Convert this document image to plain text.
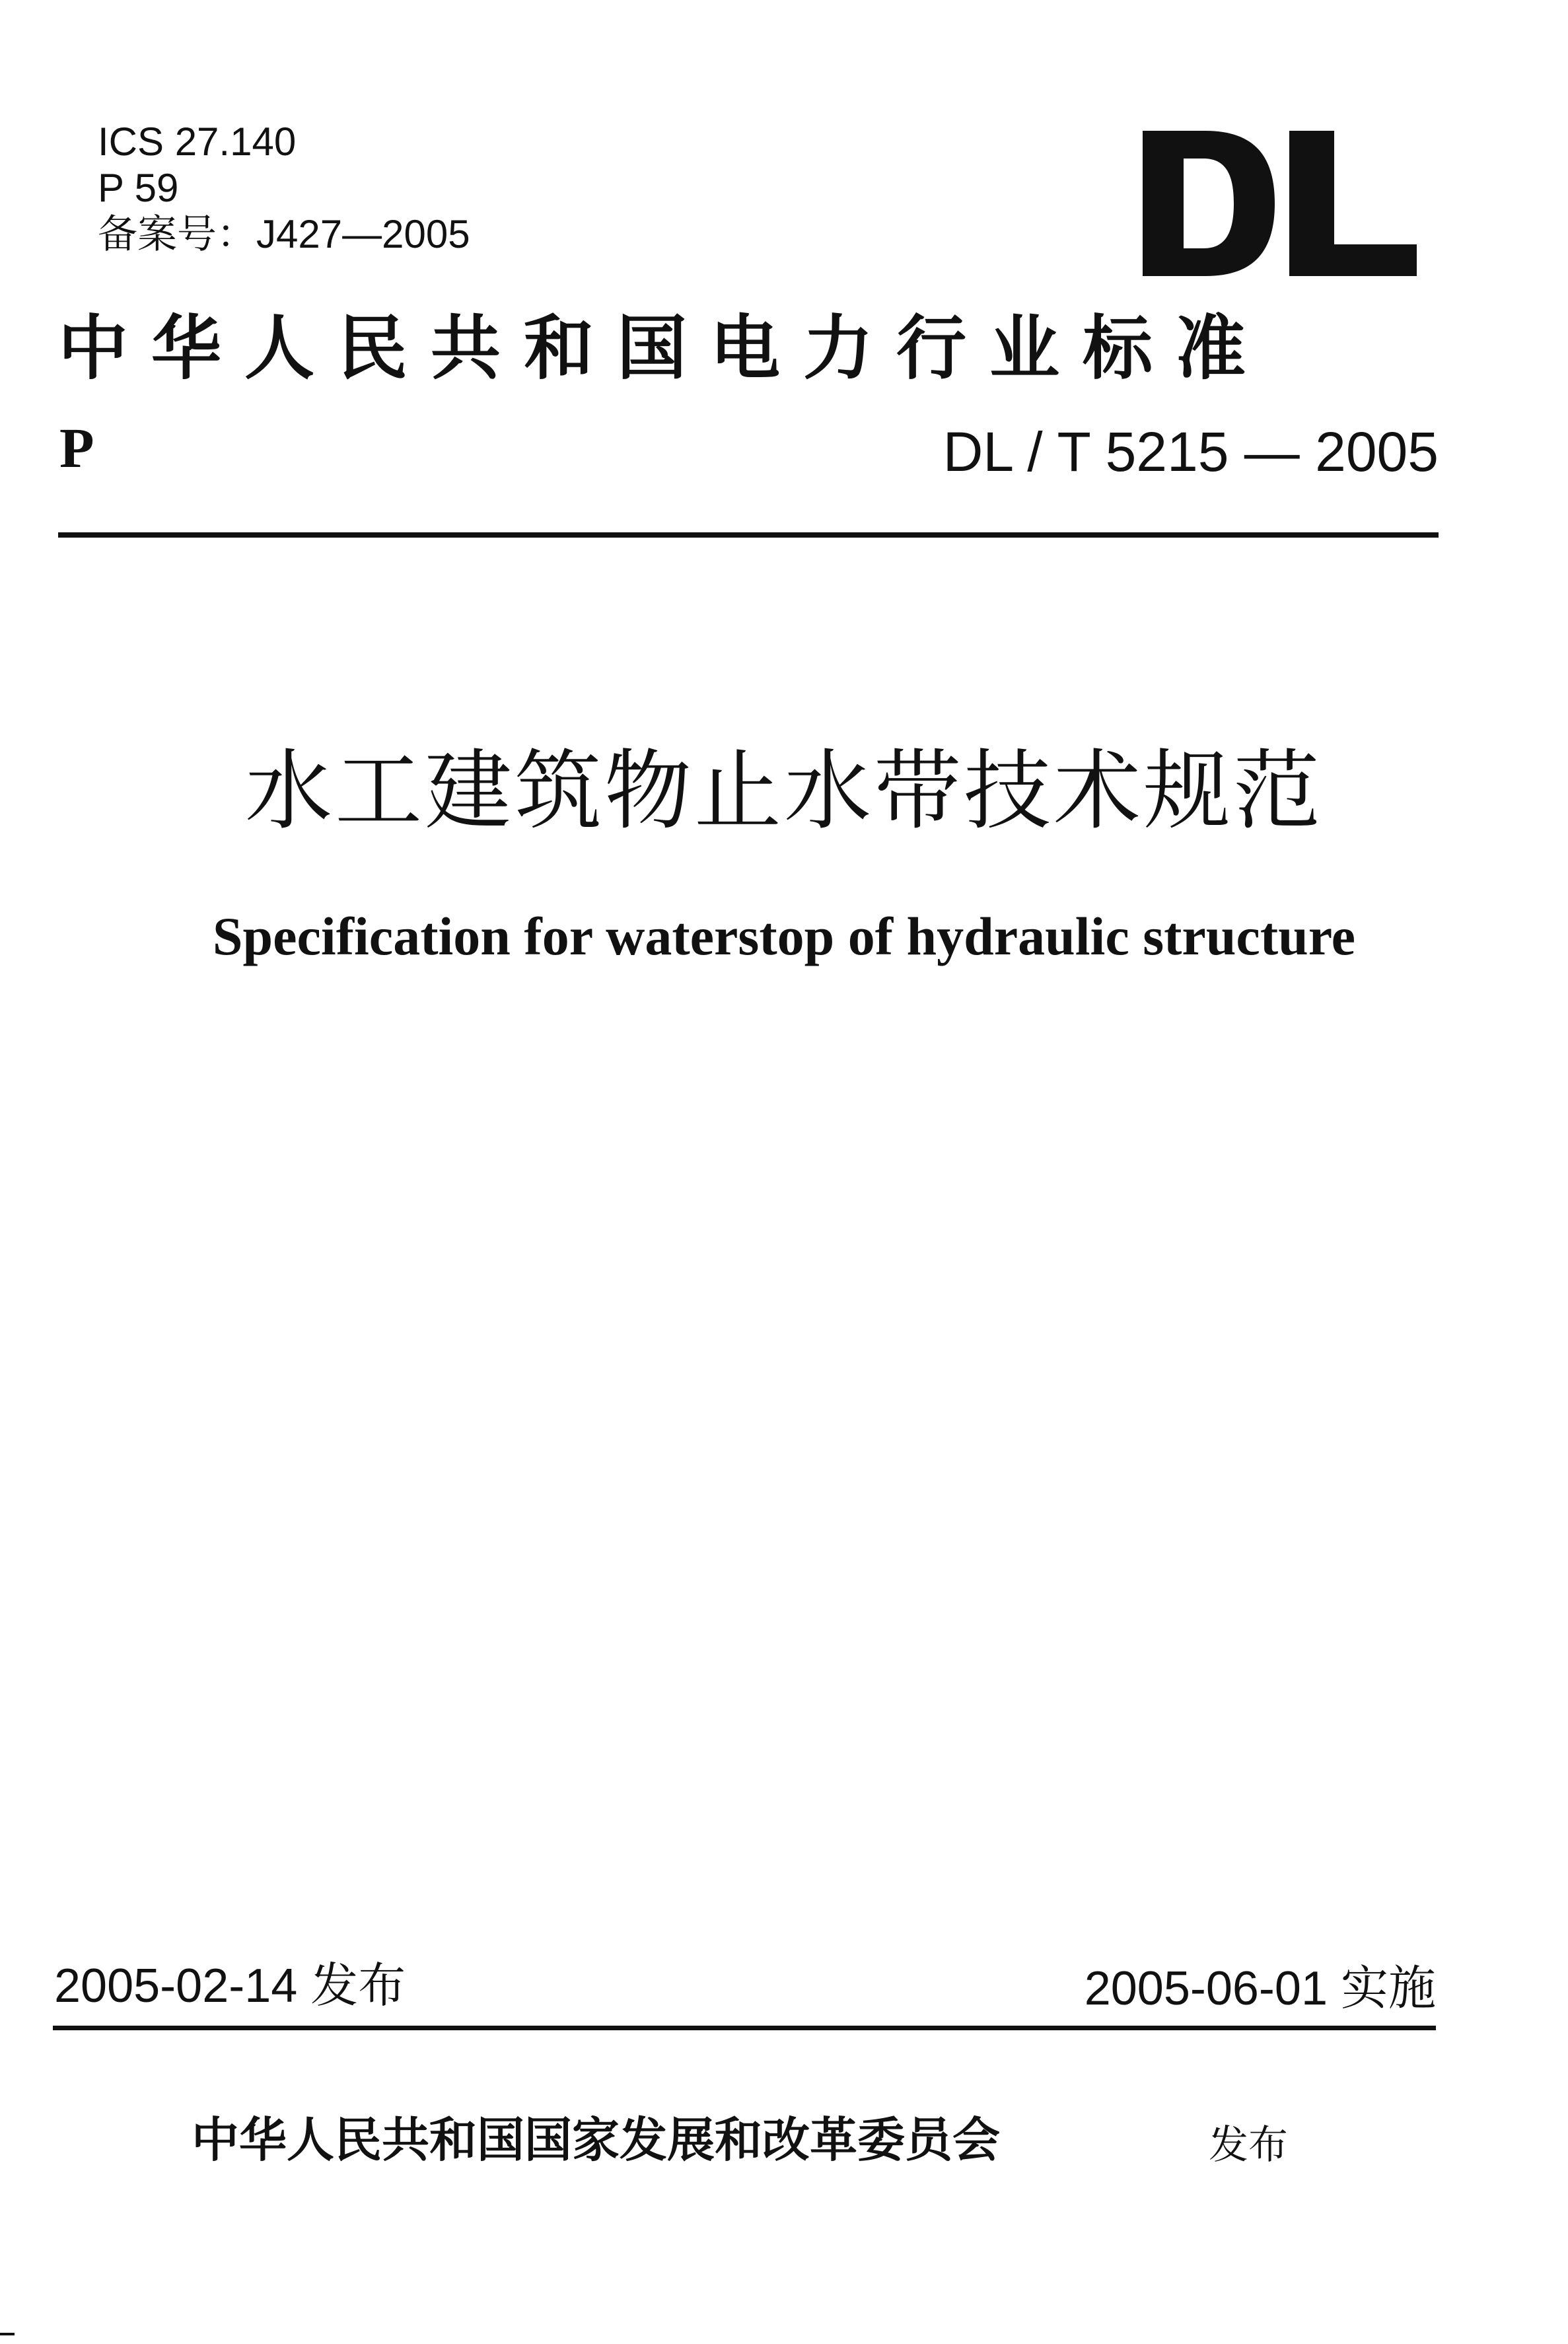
ICS 27.140
P 59
备案号：J427—2005
中华人民共和国电力行业标准
P	DL / T 5215 — 2005
水工建筑物止水带技术规范
Specification for waterstop of hydraulic structure
2005-02-14 发布	2005-06-01 实施
中华人民共和国国家发展和改革委员会	发布
